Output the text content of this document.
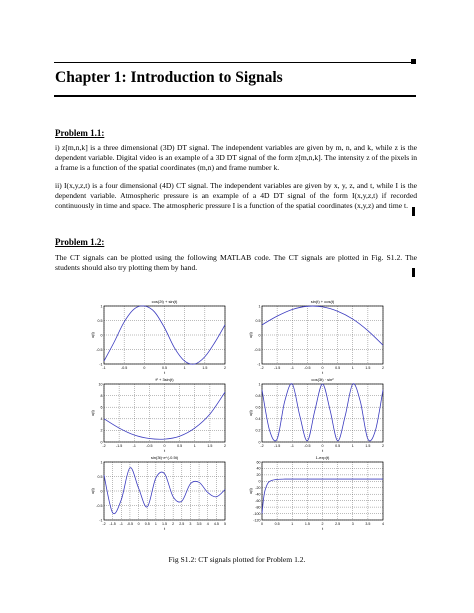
Chapter 1: Introduction to Signals
Problem 1.1:
i) z[m,n,k] is a three dimensional (3D) DT signal. The independent variables are given by m, n, and k, while z is the dependent variable. Digital video is an example of a 3D DT signal of the form z[m,n,k]. The intensity z of the pixels in a frame is a function of the spatial coordinates (m,n) and frame number k.
ii) I(x,y,z,t) is a four dimensional (4D) CT signal. The independent variables are given by x, y, z, and t, while I is the dependent variable. Atmospheric pressure is an example of a 4D DT signal of the form I(x,y,z,t) if recorded continuously in time and space. The atmospheric pressure I is a function of the spatial coordinates (x,y,z) and time t.
Problem 1.2:
The CT signals can be plotted using the following MATLAB code. The CT signals are plotted in Fig. S1.2. The students should also try plotting them by hand.
cos(2t) + sin(t)
-1	-0.5	0	0.5	1	1.5	2
1
0.5
0
-0.5
-1
t
x(t)
sin(t) + cos(t)
-2	-1.5	-1	-0.5	0	0.5	1	1.5	2
1
0.5
0
-0.5
-1
t
x(t)
t² + 3sin(t)
-2	-1.5	-1	-0.5	0	0.5	1	1.5	2
10
8
6
4
2
0
t
x(t)
cos(3t) · sin²
-2	-1.5	-1	-0.5	0	0.5	1	1.5	2
1
0.8
0.6
0.4
0.2
0
t
x(t)
sin(3t)·e^(-0.5t)
-2 -1.5 -1 -0.5 0 0.5 1 1.5 2 2.5 3 3.5 4 4.5 5
1
0.5
0
-0.5
-1
t
x(t)
1-exp(t)
0	0.5	1	1.5	2	2.5	3	3.5	4
60
40
20
0
-20
-40
-60
-80
-100
-120
t
x(t)
Fig S1.2: CT signals plotted for Problem 1.2.
